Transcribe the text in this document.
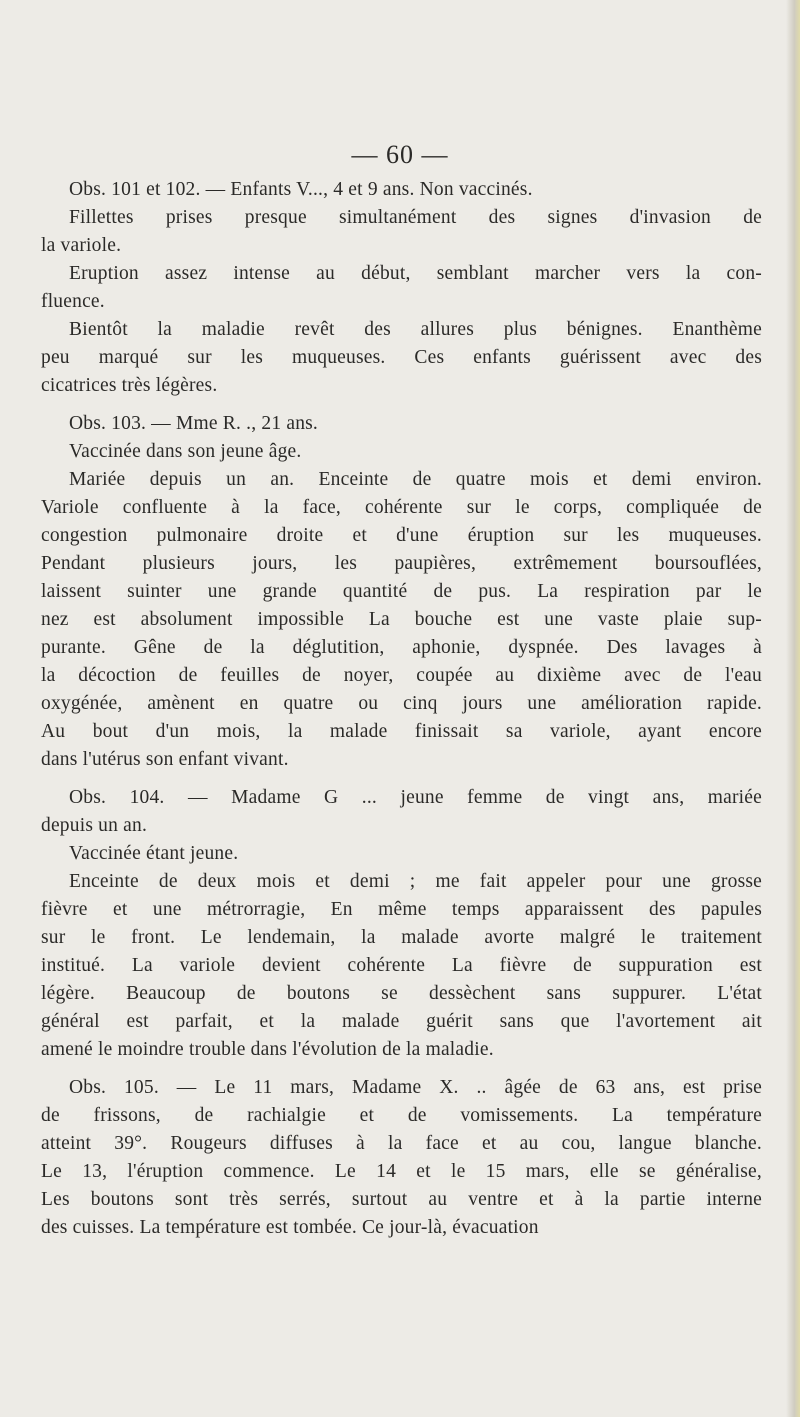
— 60 —
Obs. 101 et 102. — Enfants V..., 4 et 9 ans. Non vaccinés.
Fillettes prises presque simultanément des signes d'invasion de
la variole.
Eruption assez intense au début, semblant marcher vers la con-
fluence.
Bientôt la maladie revêt des allures plus bénignes. Enanthème
peu marqué sur les muqueuses. Ces enfants guérissent avec des
cicatrices très légères.
Obs. 103. — Mme R. ., 21 ans.
Vaccinée dans son jeune âge.
Mariée depuis un an. Enceinte de quatre mois et demi environ.
Variole confluente à la face, cohérente sur le corps, compliquée de
congestion pulmonaire droite et d'une éruption sur les muqueuses.
Pendant plusieurs jours, les paupières, extrêmement boursouflées,
laissent suinter une grande quantité de pus. La respiration par le
nez est absolument impossible La bouche est une vaste plaie sup-
purante. Gêne de la déglutition, aphonie, dyspnée. Des lavages à
la décoction de feuilles de noyer, coupée au dixième avec de l'eau
oxygénée, amènent en quatre ou cinq jours une amélioration rapide.
Au bout d'un mois, la malade finissait sa variole, ayant encore
dans l'utérus son enfant vivant.
Obs. 104. — Madame G ... jeune femme de vingt ans, mariée
depuis un an.
Vaccinée étant jeune.
Enceinte de deux mois et demi ; me fait appeler pour une grosse
fièvre et une métrorragie, En même temps apparaissent des papules
sur le front. Le lendemain, la malade avorte malgré le traitement
institué. La variole devient cohérente La fièvre de suppuration est
légère. Beaucoup de boutons se dessèchent sans suppurer. L'état
général est parfait, et la malade guérit sans que l'avortement ait
amené le moindre trouble dans l'évolution de la maladie.
Obs. 105. — Le 11 mars, Madame X. .. âgée de 63 ans, est prise
de frissons, de rachialgie et de vomissements. La température
atteint 39°. Rougeurs diffuses à la face et au cou, langue blanche.
Le 13, l'éruption commence. Le 14 et le 15 mars, elle se généralise,
Les boutons sont très serrés, surtout au ventre et à la partie interne
des cuisses. La température est tombée. Ce jour-là, évacuation
